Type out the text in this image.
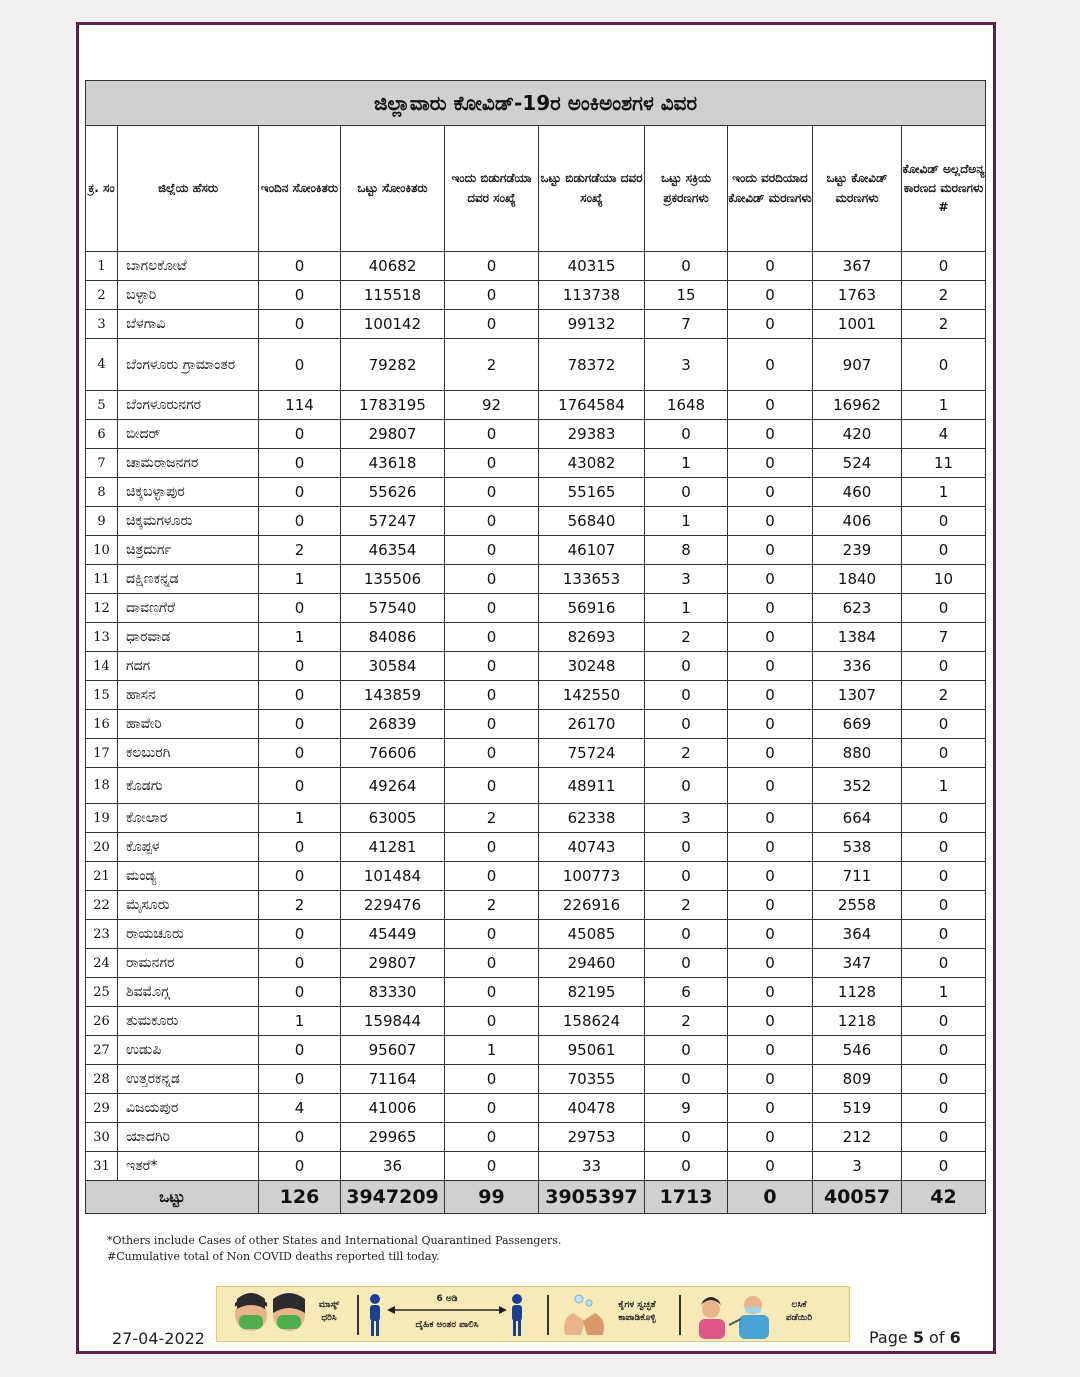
ಜಿಲ್ಲಾವಾರು ಕೋವಿಡ್-19ರ ಅಂಕಿಅಂಶಗಳ ವಿವರ									
ಕ್ರ. ಸಂ	ಜಿಲ್ಲೆಯ ಹೆಸರು	ಇಂದಿನ ಸೋಂಕಿತರು	ಒಟ್ಟು ಸೋಂಕಿತರು	ಇಂದು ಬಿಡುಗಡೆಯಾ ದವರ ಸಂಖ್ಯೆ	ಒಟ್ಟು ಬಿಡುಗಡೆಯಾ ದವರ ಸಂಖ್ಯೆ	ಒಟ್ಟು ಸಕ್ರಿಯ ಪ್ರಕರಣಗಳು	ಇಂದು ವರದಿಯಾದ ಕೋವಿಡ್ ಮರಣಗಳು	ಒಟ್ಟು ಕೋವಿಡ್ ಮರಣಗಳು	ಕೋವಿಡ್ ಅಲ್ಲದೆಅನ್ಯ ಕಾರಣದ ಮರಣಗಳು #
1	ಬಾಗಲಕೋಟೆ	0	40682	0	40315	0	0	367	0
2	ಬಳ್ಳಾರಿ	0	115518	0	113738	15	0	1763	2
3	ಬೆಳಗಾವಿ	0	100142	0	99132	7	0	1001	2
4	ಬೆಂಗಳೂರು ಗ್ರಾಮಾಂತರ	0	79282	2	78372	3	0	907	0
5	ಬೆಂಗಳೂರುನಗರ	114	1783195	92	1764584	1648	0	16962	1
6	ಬೀದರ್	0	29807	0	29383	0	0	420	4
7	ಚಾಮರಾಜನಗರ	0	43618	0	43082	1	0	524	11
8	ಚಿಕ್ಕಬಳ್ಳಾಪುರ	0	55626	0	55165	0	0	460	1
9	ಚಿಕ್ಕಮಗಳೂರು	0	57247	0	56840	1	0	406	0
10	ಚಿತ್ರದುರ್ಗ	2	46354	0	46107	8	0	239	0
11	ದಕ್ಷಿಣಕನ್ನಡ	1	135506	0	133653	3	0	1840	10
12	ದಾವಣಗೆರೆ	0	57540	0	56916	1	0	623	0
13	ಧಾರವಾಡ	1	84086	0	82693	2	0	1384	7
14	ಗದಗ	0	30584	0	30248	0	0	336	0
15	ಹಾಸನ	0	143859	0	142550	0	0	1307	2
16	ಹಾವೇರಿ	0	26839	0	26170	0	0	669	0
17	ಕಲಬುರಗಿ	0	76606	0	75724	2	0	880	0
18	ಕೊಡಗು	0	49264	0	48911	0	0	352	1
19	ಕೋಲಾರ	1	63005	2	62338	3	0	664	0
20	ಕೊಪ್ಪಳ	0	41281	0	40743	0	0	538	0
21	ಮಂಡ್ಯ	0	101484	0	100773	0	0	711	0
22	ಮೈಸೂರು	2	229476	2	226916	2	0	2558	0
23	ರಾಯಚೂರು	0	45449	0	45085	0	0	364	0
24	ರಾಮನಗರ	0	29807	0	29460	0	0	347	0
25	ಶಿವಮೊಗ್ಗ	0	83330	0	82195	6	0	1128	1
26	ತುಮಕೂರು	1	159844	0	158624	2	0	1218	0
27	ಉಡುಪಿ	0	95607	1	95061	0	0	546	0
28	ಉತ್ತರಕನ್ನಡ	0	71164	0	70355	0	0	809	0
29	ವಿಜಯಪುರ	4	41006	0	40478	9	0	519	0
30	ಯಾದಗಿರಿ	0	29965	0	29753	0	0	212	0
31	ಇತರೆ*	0	36	0	33	0	0	3	0
ಒಟ್ಟು		126	3947209	99	3905397	1713	0	40057	42
*Others include Cases of other States and International Quarantined Passengers.
#Cumulative total of Non COVID deaths reported till today.
ಮಾಸ್ಕ್
ಧರಿಸಿ
6 ಅಡಿ
ದೈಹಿಕ ಅಂತರ ಪಾಲಿಸಿ
ಕೈಗಳ ಸ್ವಚ್ಛತೆ
ಕಾಪಾಡಿಕೊಳ್ಳಿ
ಲಸಿಕೆ
ಪಡೆಯಿರಿ
27-04-2022	Page 5 of 6
